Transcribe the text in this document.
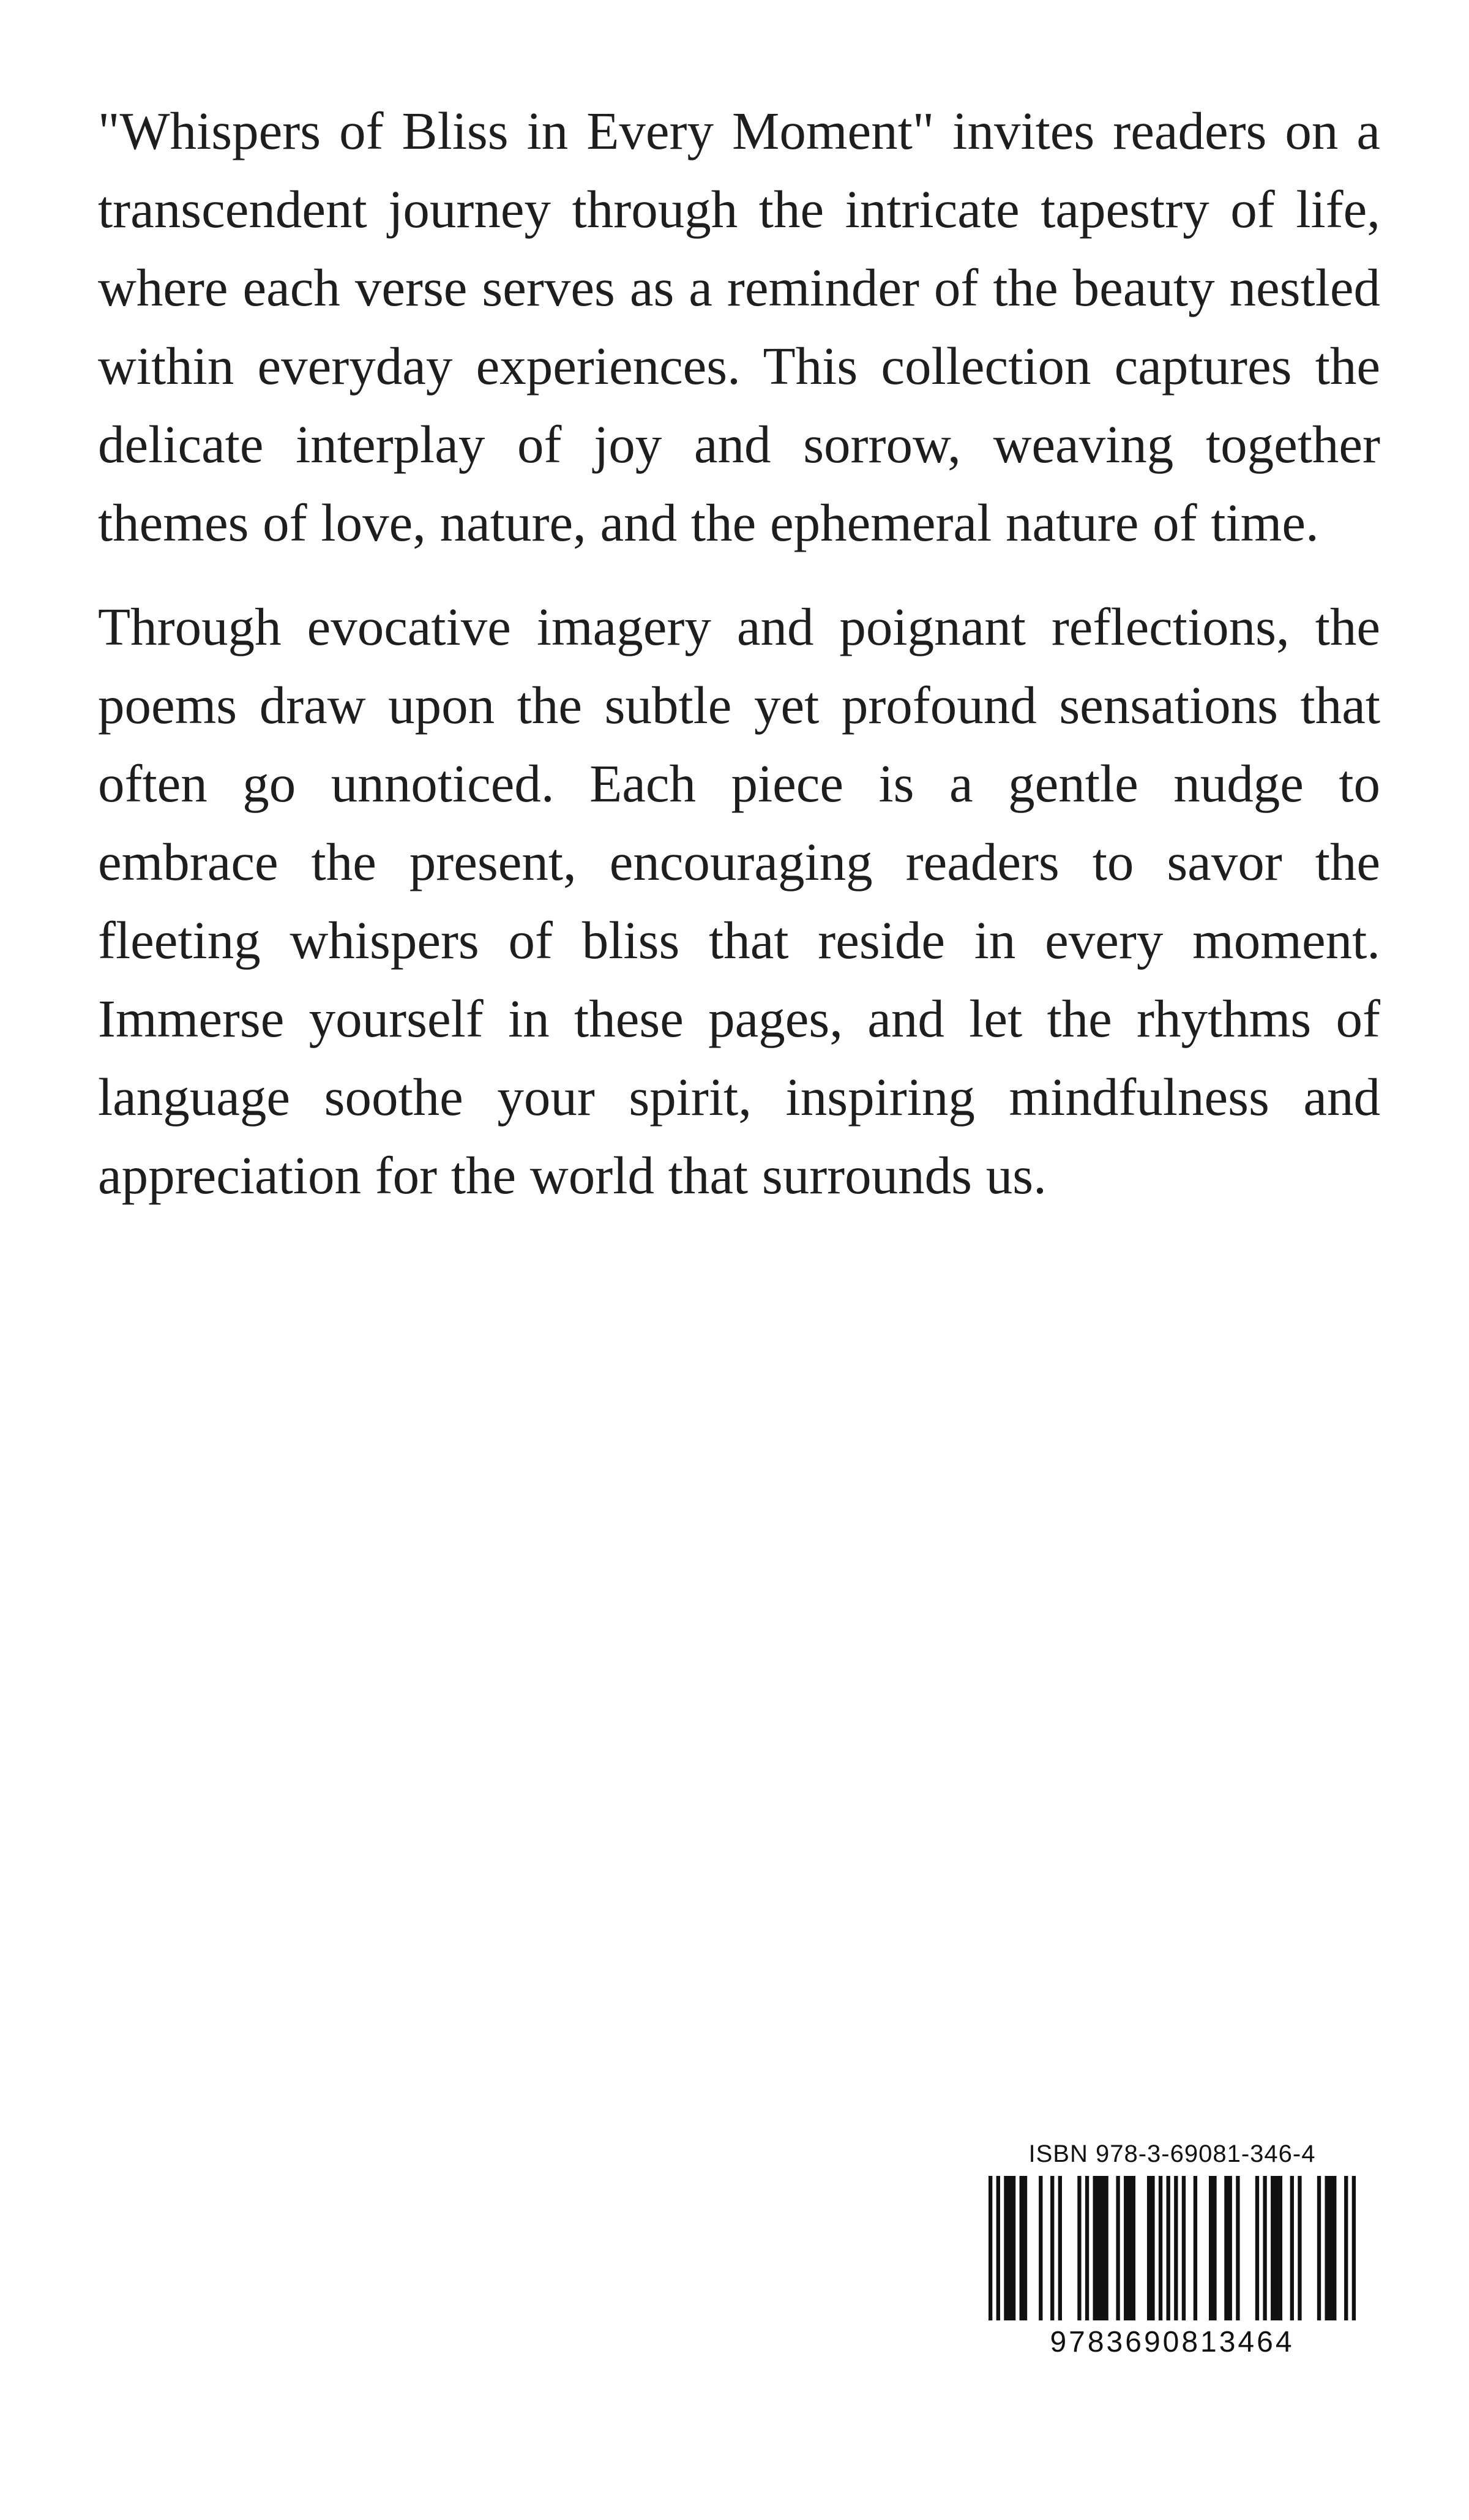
"Whispers of Bliss in Every Moment" invites readers on a transcendent journey through the intricate tapestry of life, where each verse serves as a reminder of the beauty nestled within everyday experiences. This collection captures the delicate interplay of joy and sorrow, weaving together themes of love, nature, and the ephemeral nature of time.

Through evocative imagery and poignant reflections, the poems draw upon the subtle yet profound sensations that often go unnoticed. Each piece is a gentle nudge to embrace the present, encouraging readers to savor the fleeting whispers of bliss that reside in every moment. Immerse yourself in these pages, and let the rhythms of language soothe your spirit, inspiring mindfulness and appreciation for the world that surrounds us.

ISBN 978-3-69081-346-4
9783690813464
